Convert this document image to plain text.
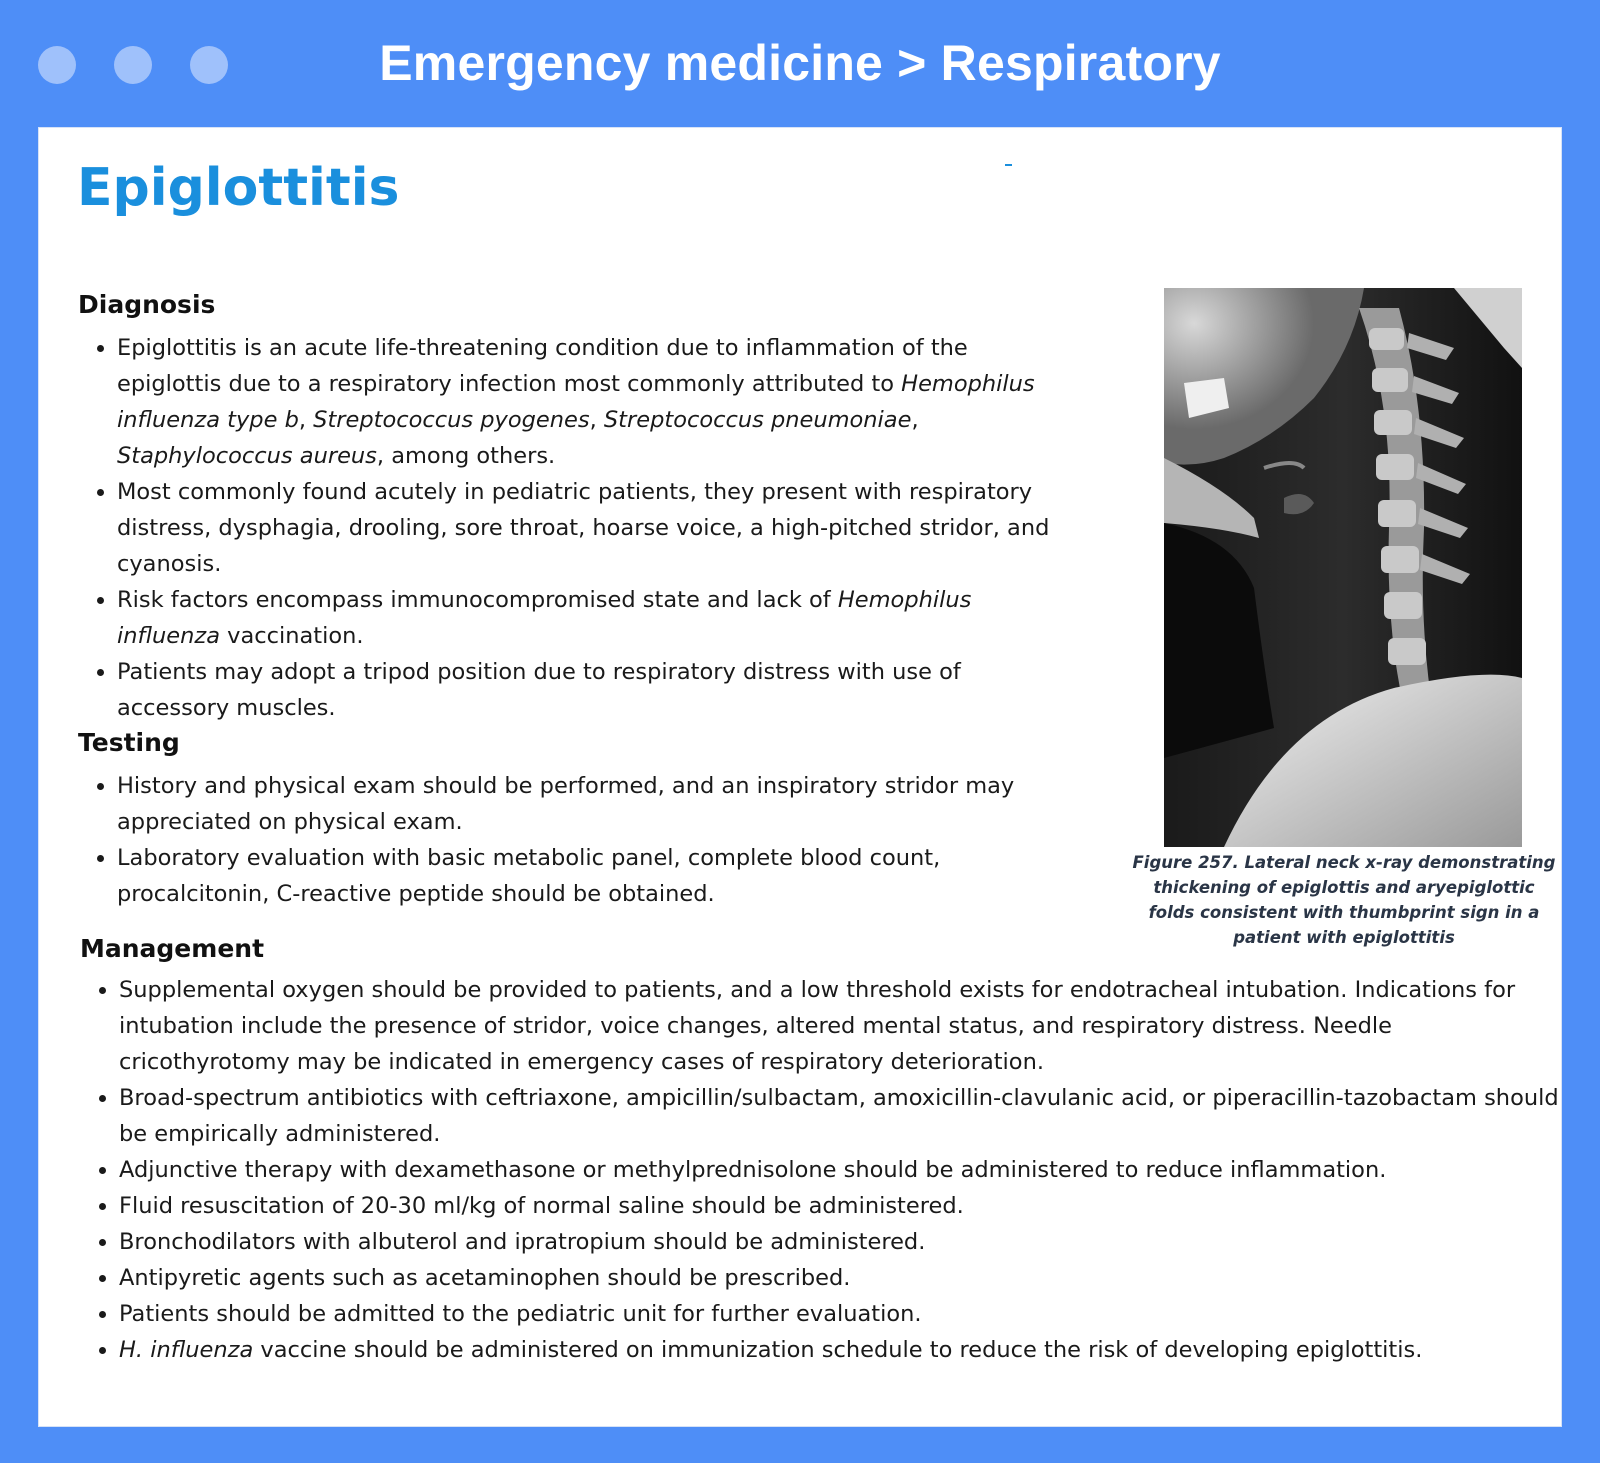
Emergency medicine > Respiratory
Epiglottitis
Diagnosis
• Epiglottitis is an acute life-threatening condition due to inflammation of the epiglottis due to a respiratory infection most commonly attributed to Hemophilus influenza type b, Streptococcus pyogenes, Streptococcus pneumoniae, Staphylococcus aureus, among others.
• Most commonly found acutely in pediatric patients, they present with respiratory distress, dysphagia, drooling, sore throat, hoarse voice, a high-pitched stridor, and cyanosis.
• Risk factors encompass immunocompromised state and lack of Hemophilus influenza vaccination.
• Patients may adopt a tripod position due to respiratory distress with use of accessory muscles.
Testing
• History and physical exam should be performed, and an inspiratory stridor may appreciated on physical exam.
• Laboratory evaluation with basic metabolic panel, complete blood count, procalcitonin, C-reactive peptide should be obtained.
Management
• Supplemental oxygen should be provided to patients, and a low threshold exists for endotracheal intubation. Indications for intubation include the presence of stridor, voice changes, altered mental status, and respiratory distress. Needle cricothyrotomy may be indicated in emergency cases of respiratory deterioration.
• Broad-spectrum antibiotics with ceftriaxone, ampicillin/sulbactam, amoxicillin-clavulanic acid, or piperacillin-tazobactam should be empirically administered.
• Adjunctive therapy with dexamethasone or methylprednisolone should be administered to reduce inflammation.
• Fluid resuscitation of 20-30 ml/kg of normal saline should be administered.
• Bronchodilators with albuterol and ipratropium should be administered.
• Antipyretic agents such as acetaminophen should be prescribed.
• Patients should be admitted to the pediatric unit for further evaluation.
• H. influenza vaccine should be administered on immunization schedule to reduce the risk of developing epiglottitis.
Figure 257. Lateral neck x-ray demonstrating thickening of epiglottis and aryepiglottic folds consistent with thumbprint sign in a patient with epiglottitis
